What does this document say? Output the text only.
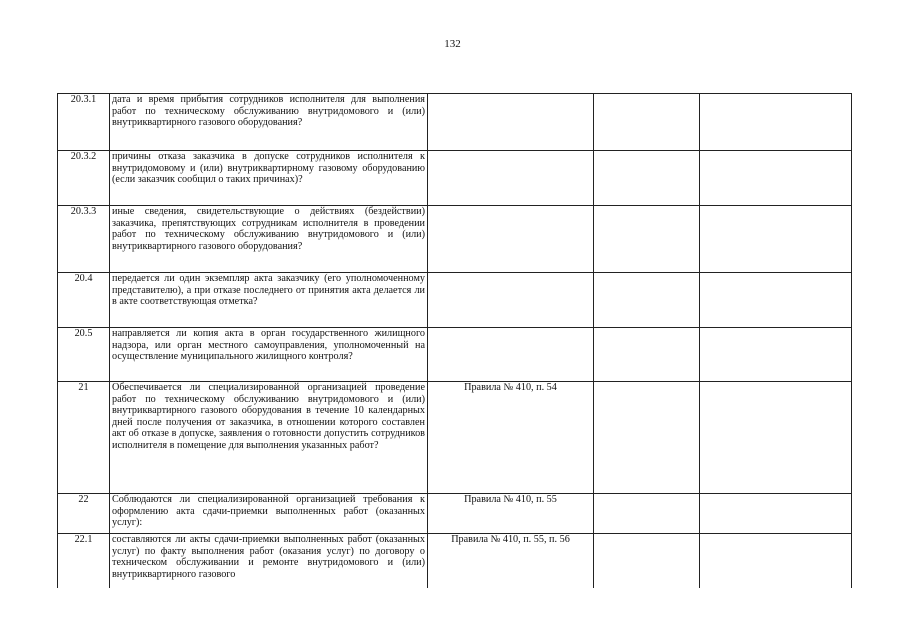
132
20.3.1	дата и время прибытия сотрудников исполнителя для выполнения работ по техническому обслуживанию внутридомового и (или) внутриквартирного газового оборудования?			
20.3.2	причины отказа заказчика в допуске сотрудников исполнителя к внутридомовому и (или) внутриквартирному газовому оборудованию (если заказчик сообщил о таких причинах)?			
20.3.3	иные сведения, свидетельствующие о действиях (бездействии) заказчика, препятствующих сотрудникам исполнителя в проведении работ по техническому обслуживанию внутридомового и (или) внутриквартирного газового оборудования?			
20.4	передается ли один экземпляр акта заказчику (его уполномоченному представителю), а при отказе последнего от принятия акта делается ли в акте соответствующая отметка?			
20.5	направляется ли копия акта в орган государственного жилищного надзора, или орган местного самоуправления, уполномоченный на осуществление муниципального жилищного контроля?			
21	Обеспечивается ли специализированной организацией проведение работ по техническому обслуживанию внутридомового и (или) внутриквартирного газового оборудования в течение 10 календарных дней после получения от заказчика, в отношении которого составлен акт об отказе в допуске, заявления о готовности допустить сотрудников исполнителя в помещение для выполнения указанных работ?	Правила № 410, п. 54		
22	Соблюдаются ли специализированной организацией требования к оформлению акта сдачи-приемки выполненных работ (оказанных услуг):	Правила № 410, п. 55		
22.1	составляются ли акты сдачи-приемки выполненных работ (оказанных услуг) по факту выполнения работ (оказания услуг) по договору о техническом обслуживании и ремонте внутридомового и (или) внутриквартирного газового	Правила № 410, п. 55, п. 56		
